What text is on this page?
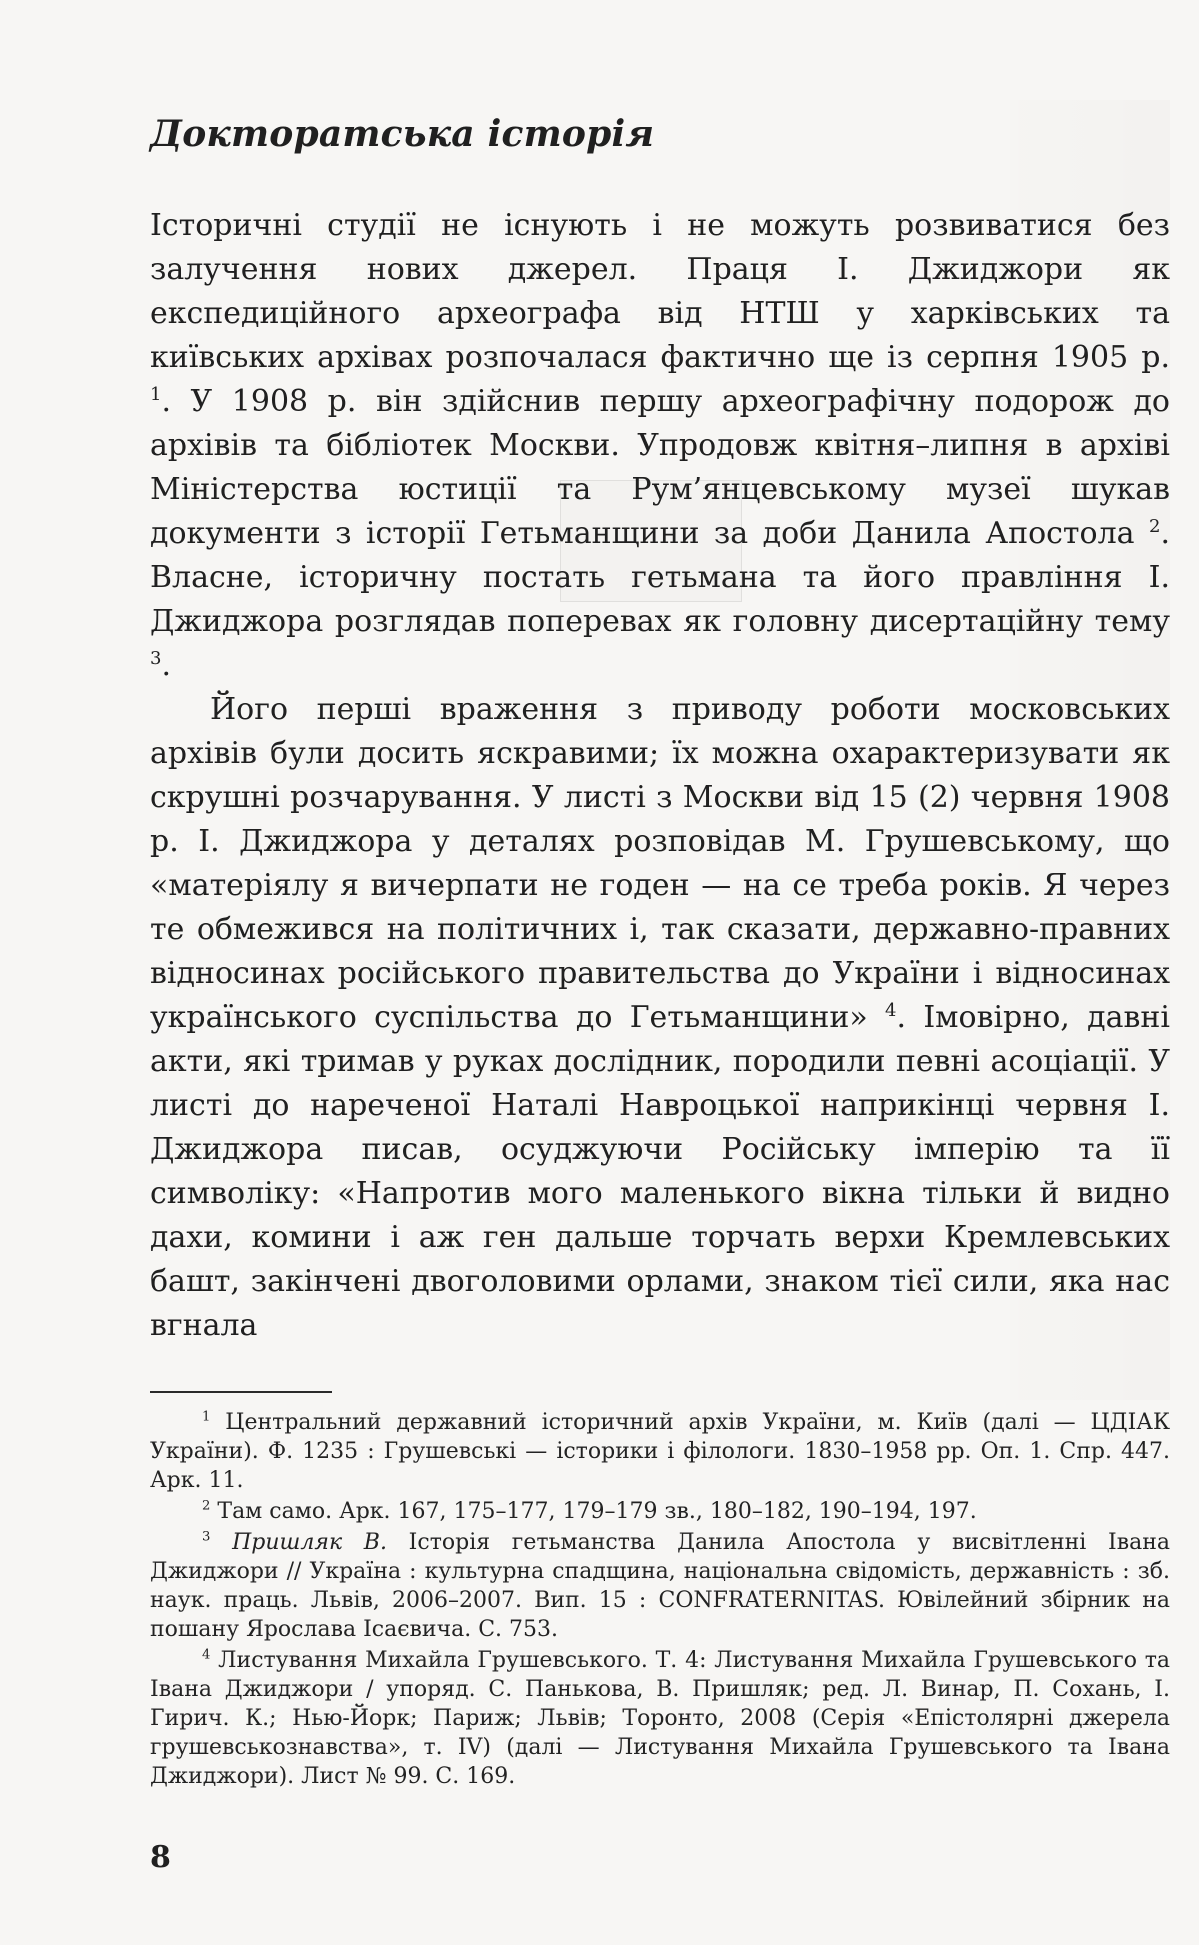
Докторатська історія

Історичні студії не існують і не можуть розвиватися без залучення нових джерел. Праця І. Джиджори як експедиційного археографа від НТШ у харківських та київських архівах розпочалася фактично ще із серпня 1905 р. $^1$. У 1908 р. він здійснив першу археографічну подорож до архівів та бібліотек Москви. Упродовж квітня–липня в архіві Міністерства юстиції та Рум’янцевському музеї шукав документи з історії Гетьманщини за доби Данила Апостола $^2$. Власне, історичну постать гетьмана та його правління І. Джиджора розглядав поперевах як головну дисертаційну тему $^3$.

Його перші враження з приводу роботи московських архівів були досить яскравими; їх можна охарактеризувати як скрушні розчарування. У листі з Москви від 15 (2) червня 1908 р. І. Джиджора у деталях розповідав М. Грушевському, що «матеріялу я вичерпати не годен — на се треба років. Я через те обмежився на політичних і, так сказати, державно-правних відносинах російського правительства до України і відносинах українського суспільства до Гетьманщини» $^4$. Імовірно, давні акти, які тримав у руках дослідник, породили певні асоціації. У листі до нареченої Наталі Навроцької наприкінці червня І. Джиджора писав, осуджуючи Російську імперію та її символіку: «Напротив мого маленького вікна тільки й видно дахи, комини і аж ген дальше торчать верхи Кремлевських башт, закінчені двоголовими орлами, знаком тієї сили, яка нас вгнала

$^1$ Центральний державний історичний архів України, м. Київ (далі — ЦДІАК України). Ф. 1235 : Грушевські — історики і філологи. 1830–1958 рр. Оп. 1. Спр. 447. Арк. 11.

$^2$ Там само. Арк. 167, 175–177, 179–179 зв., 180–182, 190–194, 197.

$^3$ Пришляк В. Історія гетьманства Данила Апостола у висвітленні Івана Джиджори // Україна : культурна спадщина, національна свідомість, державність : зб. наук. праць. Львів, 2006–2007. Вип. 15 : CONFRATERNITAS. Ювілейний збірник на пошану Ярослава Ісаєвича. С. 753.

$^4$ Листування Михайла Грушевського. Т. 4: Листування Михайла Грушевського та Івана Джиджори / упоряд. С. Панькова, В. Пришляк; ред. Л. Винар, П. Сохань, І. Гирич. К.; Нью-Йорк; Париж; Львів; Торонто, 2008 (Серія «Епістолярні джерела грушевськознавства», т. IV) (далі — Листування Михайла Грушевського та Івана Джиджори). Лист № 99. С. 169.

8
